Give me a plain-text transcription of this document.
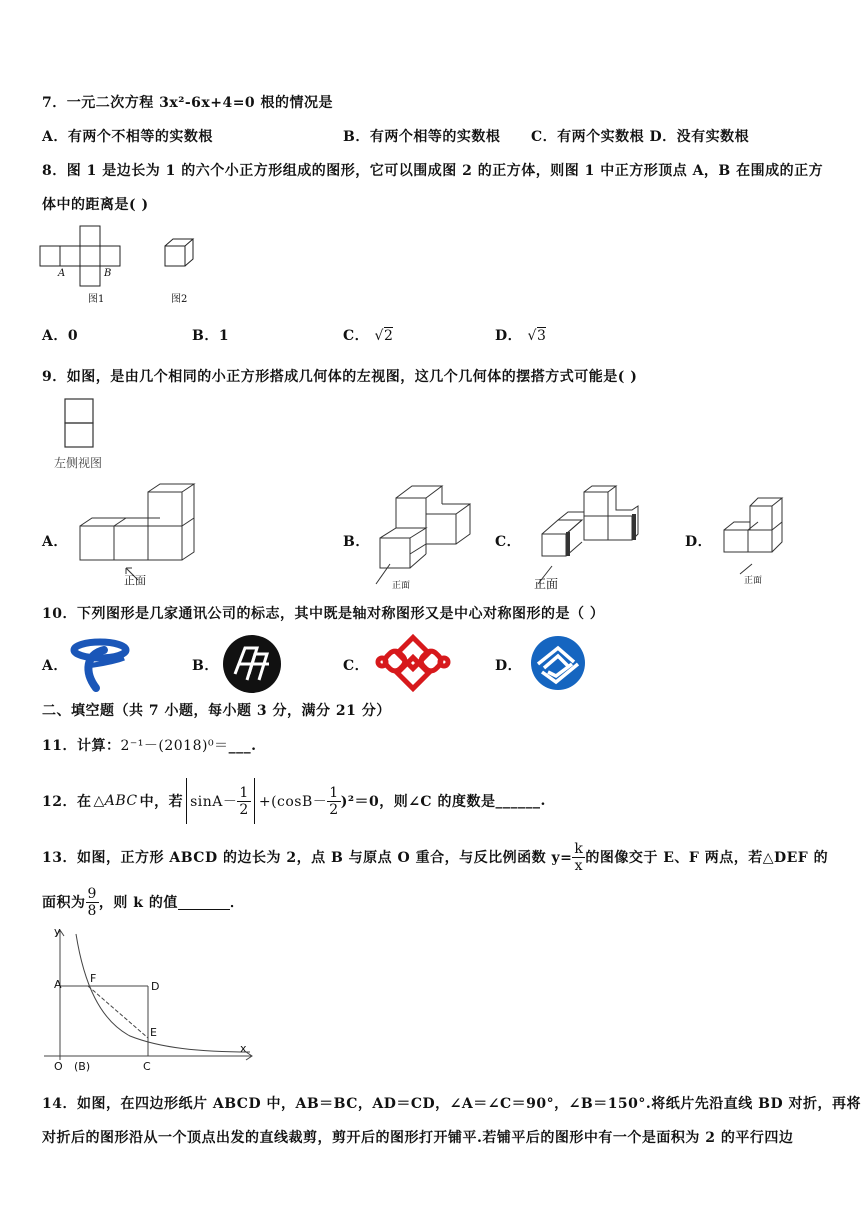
7．一元二次方程 3x²-6x+4=0 根的情况是
A．有两个不相等的实数根	B．有两个相等的实数根 C．有两个实数根 D．没有实数根
8．图 1 是边长为 1 的六个小正方形组成的图形，它可以围成图 2 的正方体，则图 1 中正方形顶点 A，B 在围成的正方
体中的距离是( )
A	B
图1	图2
A．0	B．1	C． √2	D． √3
9．如图，是由几个相同的小正方形搭成几何体的左视图，这几个几何体的摆搭方式可能是( )
左侧视图
A．
正面
B．
正面
C．
正面
D．
正面
10．下列图形是几家通讯公司的标志，其中既是轴对称图形又是中心对称图形的是（ ）
A．	B．	C．	D．
二、填空题（共 7 小题，每小题 3 分，满分 21 分）
11．计算：2⁻¹－(2018)⁰＝___.
12．在 △ABC 中，若 $\sin A- \frac{1}{2} +(\cos B- \frac{1}{2} )^2=0$，则∠C 的度数是 ______.
13．如图，正方形 ABCD 的边长为 2，点 B 与原点 O 重合，与反比例函数 $y= \frac{k}{x}$ 的图像交于 E、F 两点，若△DEF 的
面积为 $\frac{9}{8}$ ，则 k 的值	．
y
A	F
D
E
O (B)	C
x
14．如图，在四边形纸片 ABCD 中，AB＝BC，AD＝CD，∠A＝∠C＝90°，∠B＝150°.将纸片先沿直线 BD 对折，再将
对折后的图形沿从一个顶点出发的直线裁剪，剪开后的图形打开铺平.若铺平后的图形中有一个是面积为 2 的平行四边
